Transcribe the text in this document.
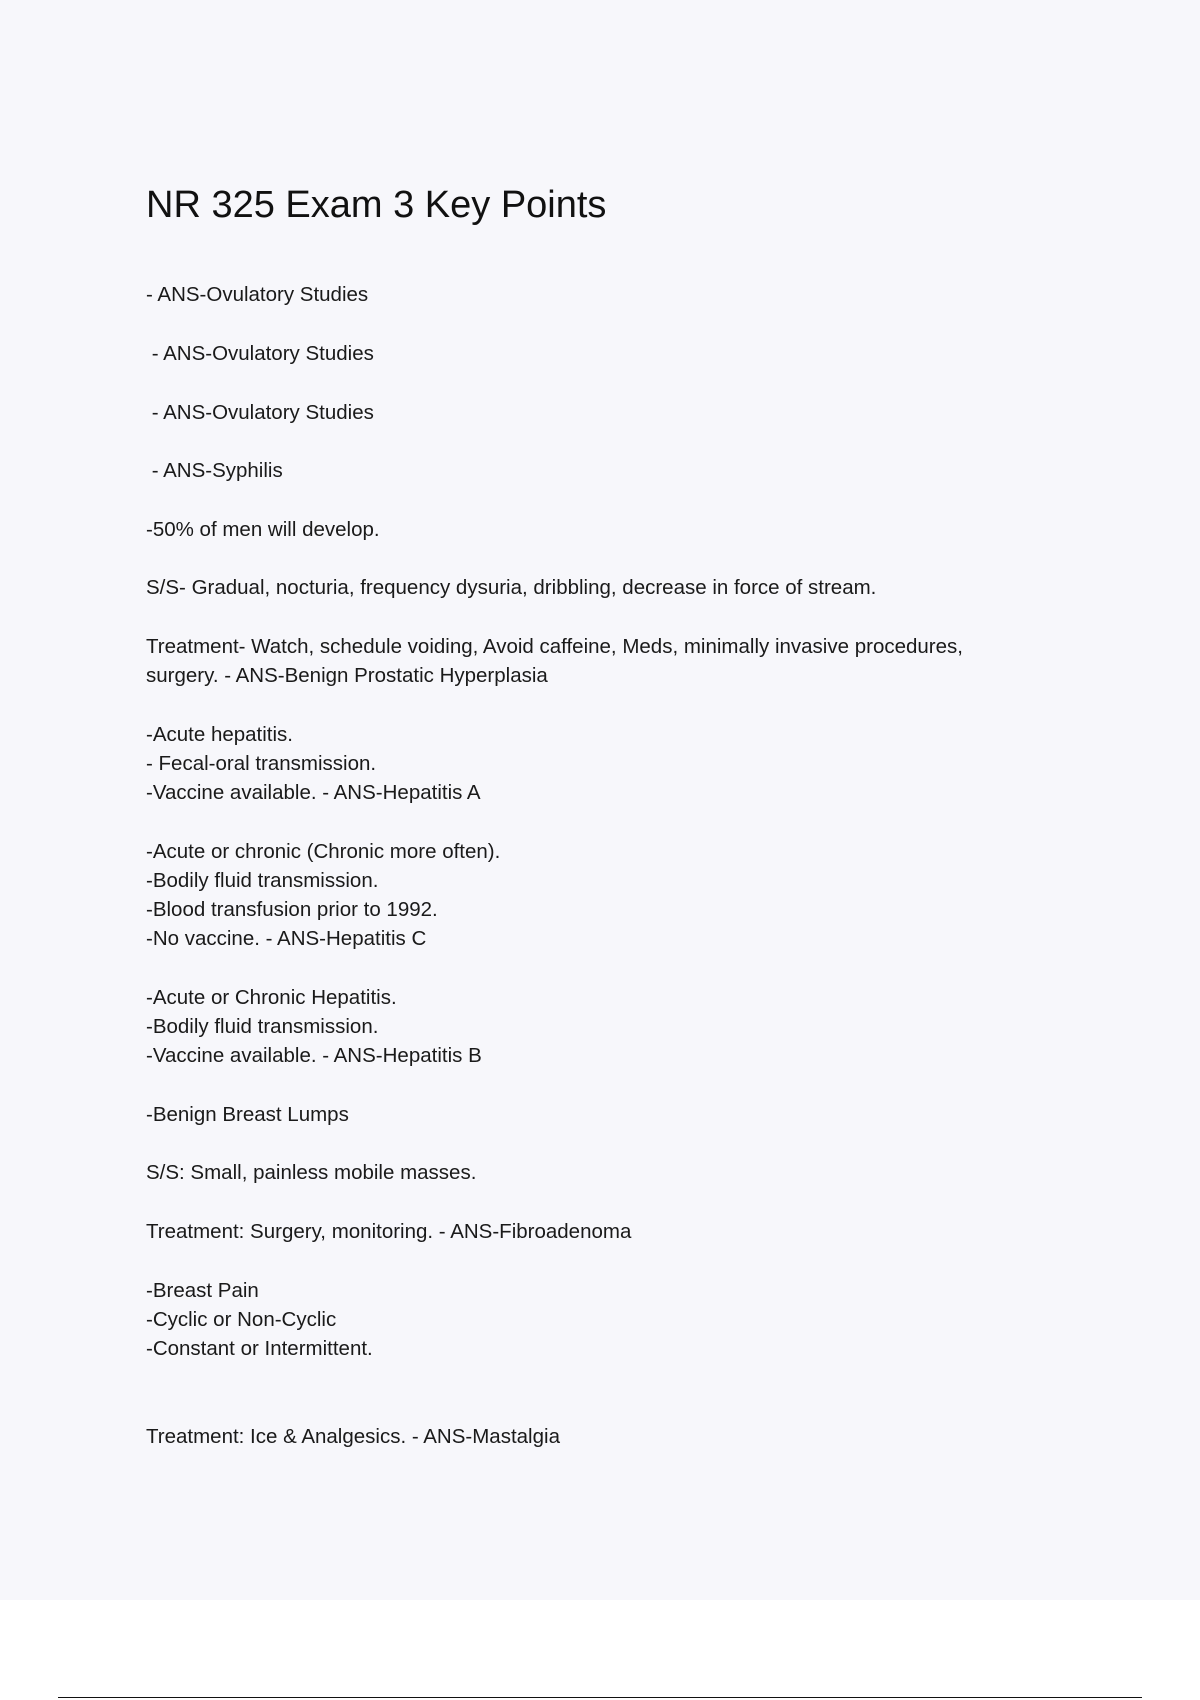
NR 325 Exam 3 Key Points

- ANS-Ovulatory Studies

- ANS-Ovulatory Studies

- ANS-Ovulatory Studies

- ANS-Syphilis

-50% of men will develop.

S/S- Gradual, nocturia, frequency dysuria, dribbling, decrease in force of stream.

Treatment- Watch, schedule voiding, Avoid caffeine, Meds, minimally invasive procedures,

surgery. - ANS-Benign Prostatic Hyperplasia

-Acute hepatitis.

- Fecal-oral transmission.

-Vaccine available. - ANS-Hepatitis A

-Acute or chronic (Chronic more often).

-Bodily fluid transmission.

-Blood transfusion prior to 1992.

-No vaccine. - ANS-Hepatitis C

-Acute or Chronic Hepatitis.

-Bodily fluid transmission.

-Vaccine available. - ANS-Hepatitis B

-Benign Breast Lumps

S/S: Small, painless mobile masses.

Treatment: Surgery, monitoring. - ANS-Fibroadenoma

-Breast Pain

-Cyclic or Non-Cyclic

-Constant or Intermittent.

Treatment: Ice & Analgesics. - ANS-Mastalgia
